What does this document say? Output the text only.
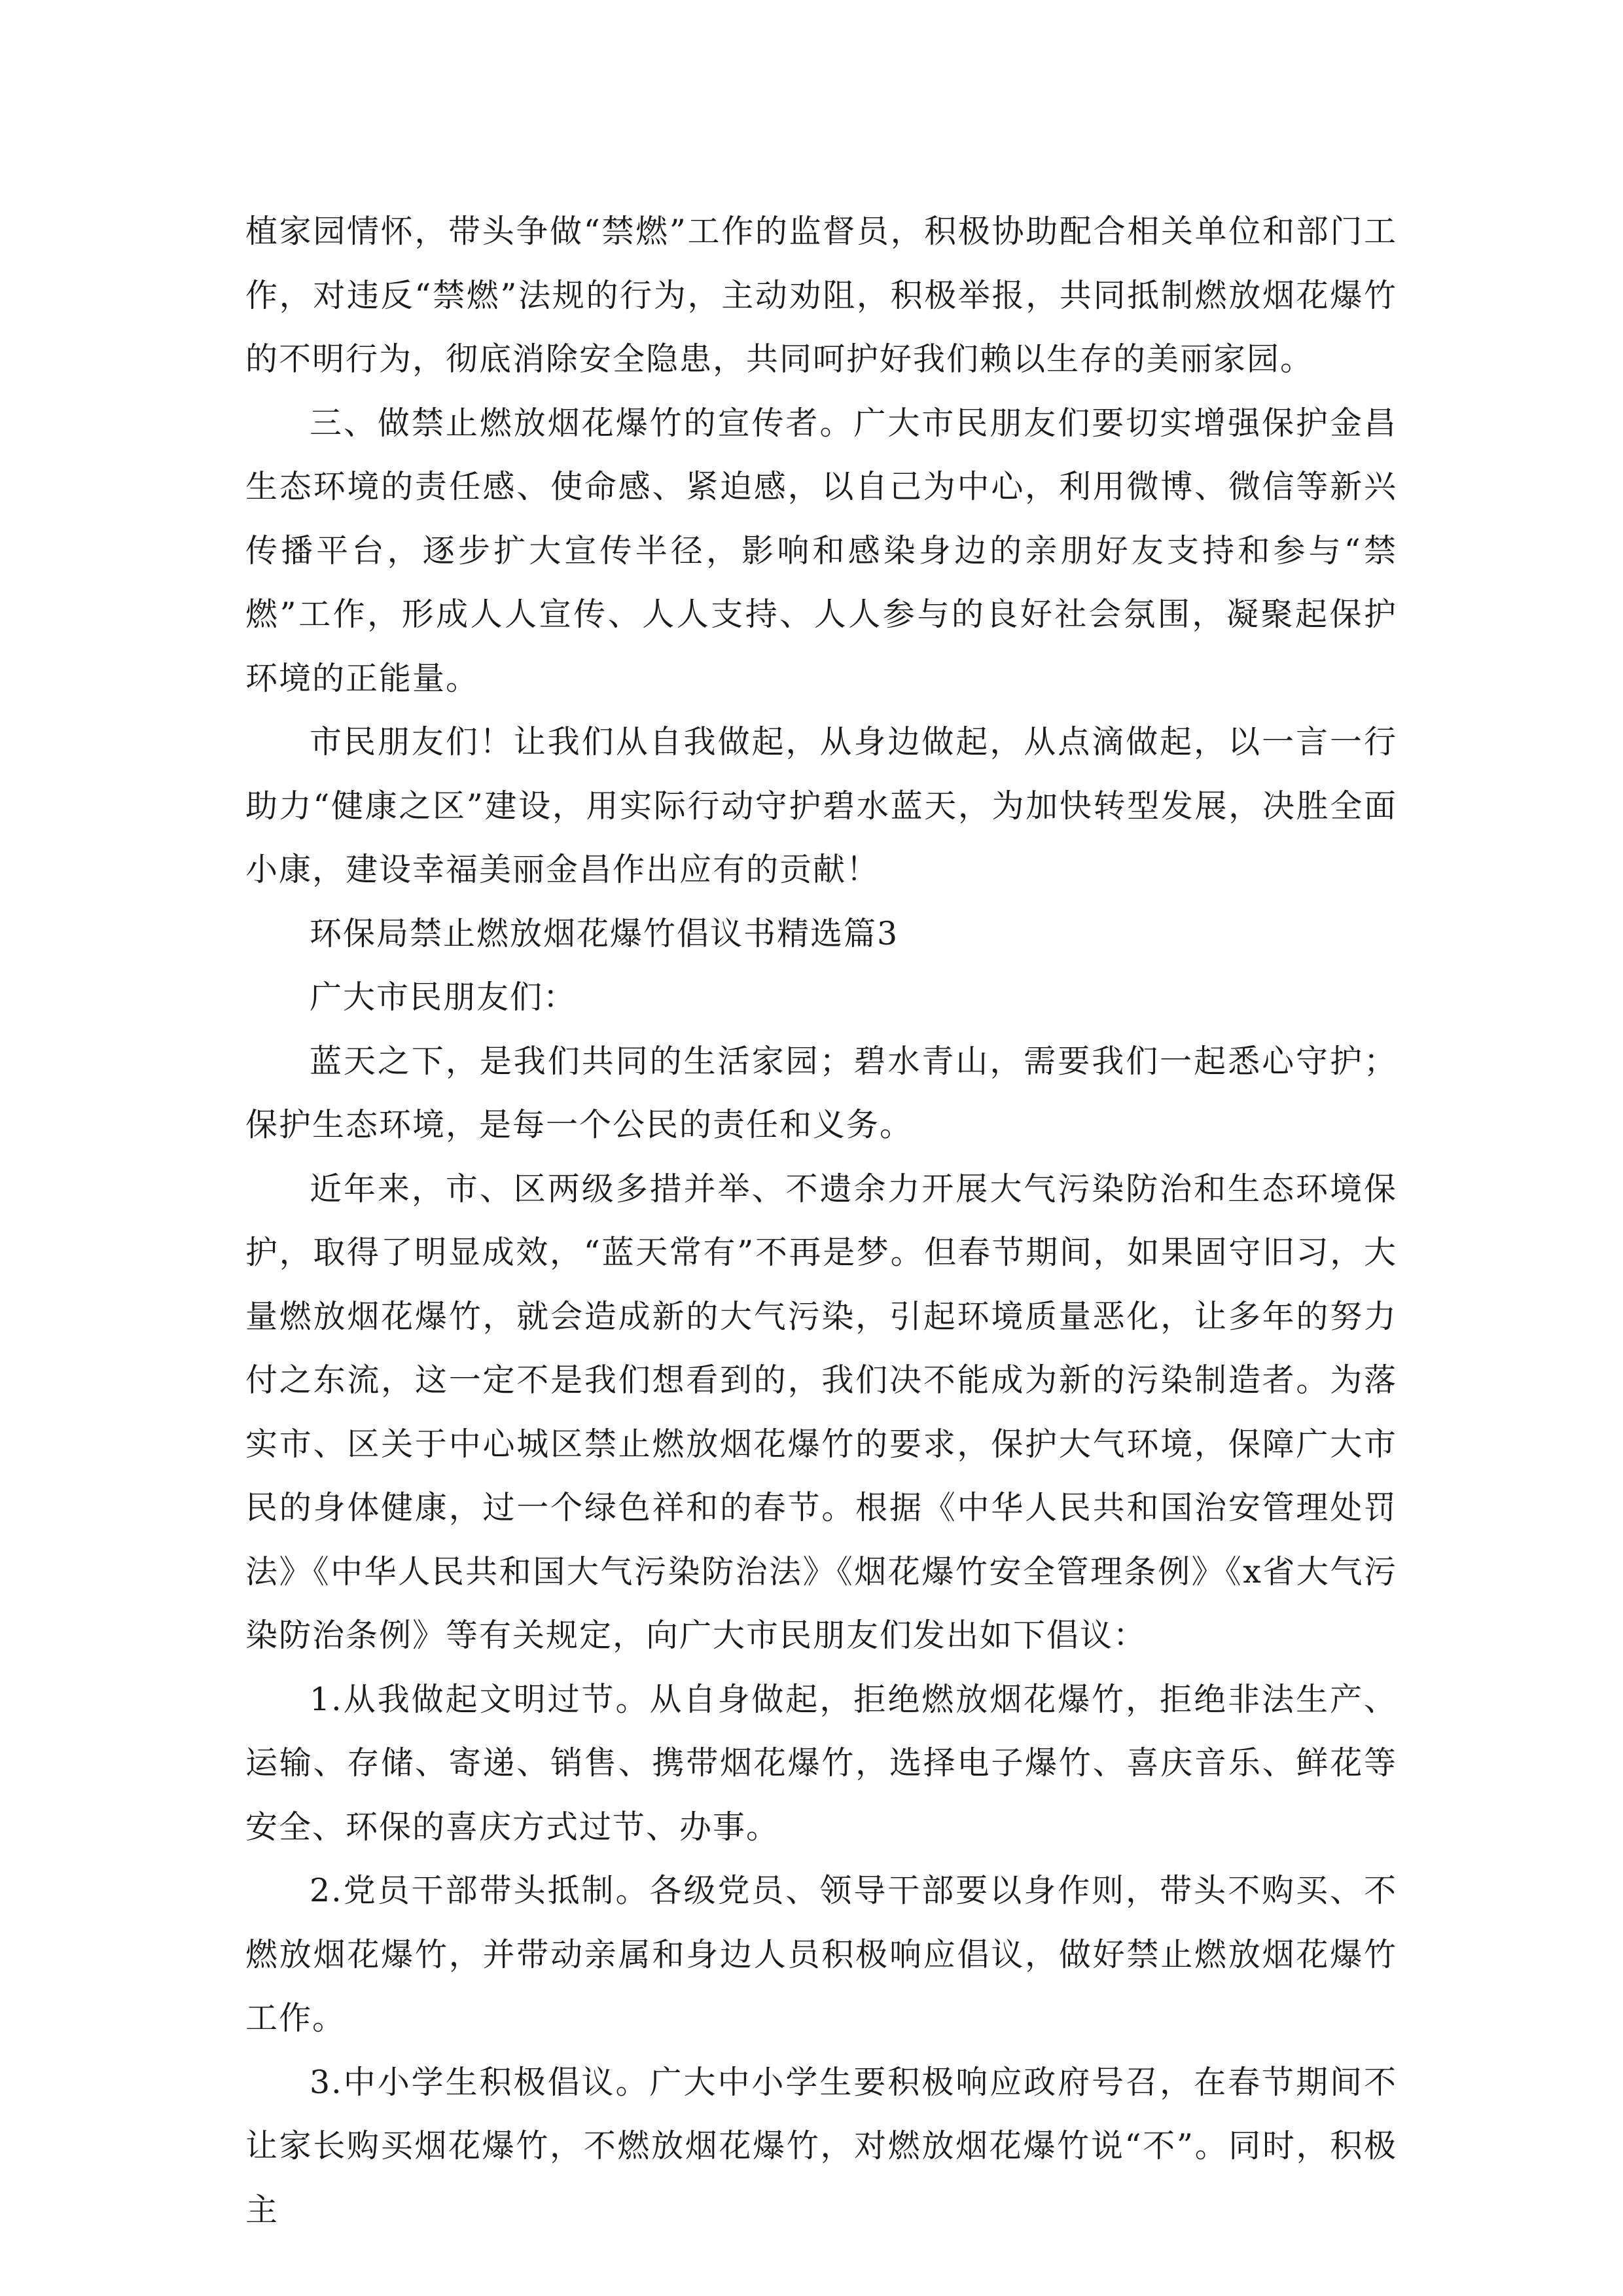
植家园情怀，带头争做“禁燃”工作的监督员，积极协助配合相关单位和部门工作，对违反“禁燃”法规的行为，主动劝阻，积极举报，共同抵制燃放烟花爆竹的不明行为，彻底消除安全隐患，共同呵护好我们赖以生存的美丽家园。

三、做禁止燃放烟花爆竹的宣传者。广大市民朋友们要切实增强保护金昌生态环境的责任感、使命感、紧迫感，以自己为中心，利用微博、微信等新兴传播平台，逐步扩大宣传半径，影响和感染身边的亲朋好友支持和参与“禁燃”工作，形成人人宣传、人人支持、人人参与的良好社会氛围，凝聚起保护环境的正能量。

市民朋友们！让我们从自我做起，从身边做起，从点滴做起，以一言一行助力“健康之区”建设，用实际行动守护碧水蓝天，为加快转型发展，决胜全面小康，建设幸福美丽金昌作出应有的贡献！

环保局禁止燃放烟花爆竹倡议书精选篇3

广大市民朋友们：

蓝天之下，是我们共同的生活家园；碧水青山，需要我们一起悉心守护；保护生态环境，是每一个公民的责任和义务。

近年来，市、区两级多措并举、不遗余力开展大气污染防治和生态环境保护，取得了明显成效，“蓝天常有”不再是梦。但春节期间，如果固守旧习，大量燃放烟花爆竹，就会造成新的大气污染，引起环境质量恶化，让多年的努力付之东流，这一定不是我们想看到的，我们决不能成为新的污染制造者。为落实市、区关于中心城区禁止燃放烟花爆竹的要求，保护大气环境，保障广大市民的身体健康，过一个绿色祥和的春节。根据《中华人民共和国治安管理处罚法》《中华人民共和国大气污染防治法》《烟花爆竹安全管理条例》《x省大气污染防治条例》等有关规定，向广大市民朋友们发出如下倡议：

1.从我做起文明过节。从自身做起，拒绝燃放烟花爆竹，拒绝非法生产、运输、存储、寄递、销售、携带烟花爆竹，选择电子爆竹、喜庆音乐、鲜花等安全、环保的喜庆方式过节、办事。

2.党员干部带头抵制。各级党员、领导干部要以身作则，带头不购买、不燃放烟花爆竹，并带动亲属和身边人员积极响应倡议，做好禁止燃放烟花爆竹工作。

3.中小学生积极倡议。广大中小学生要积极响应政府号召，在春节期间不让家长购买烟花爆竹，不燃放烟花爆竹，对燃放烟花爆竹说“不”。同时，积极主
